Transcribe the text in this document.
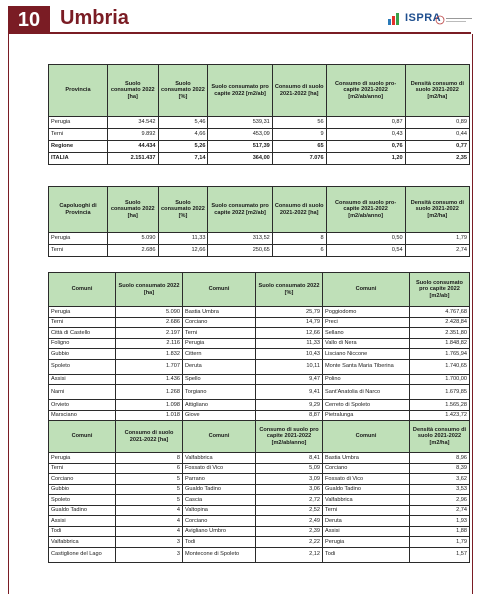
10 Umbria	ISPRA
Provincia	Suolo consumato 2022 [ha]	Suolo consumato 2022 [%]	Suolo consumato pro capite 2022 [m2/ab]	Consumo di suolo 2021-2022 [ha]	Consumo di suolo pro-capite 2021-2022 [m2/ab/anno]	Densità consumo di suolo 2021-2022 [m2/ha]
Perugia	34.542	5,46	539,31	56	0,87	0,89
Terni	9.892	4,66	453,09	9	0,43	0,44
Regione	44.434	5,26	517,39	65	0,76	0,77
ITALIA	2.151.437	7,14	364,00	7.076	1,20	2,35
Capoluoghi di Provincia	Suolo consumato 2022 [ha]	Suolo consumato 2022 [%]	Suolo consumato pro capite 2022 [m2/ab]	Consumo di suolo 2021-2022 [ha]	Consumo di suolo pro-capite 2021-2022 [m2/ab/anno]	Densità consumo di suolo 2021-2022 [m2/ha]
Perugia	5.090	11,33	313,52	8	0,50	1,79
Terni	2.686	12,66	250,65	6	0,54	2,74
Comuni	Suolo consumato 2022 [ha]	Comuni	Suolo consumato 2022 [%]	Comuni	Suolo consumato pro capite 2022 [m2/ab]
Perugia	5.090	Bastia Umbra	25,79	Poggiodomo	4.767,68
Terni	2.686	Corciano	14,79	Preci	2.428,84
Città di Castello	2.197	Terni	12,66	Sellano	2.351,80
Foligno	2.116	Perugia	11,33	Vallo di Nera	1.848,82
Gubbio	1.832	Cittern	10,43	Lisciano Niccone	1.765,94
Spoleto	1.707	Deruta	10,11	Monte Santa Maria Tiberina	1.740,65
Assisi	1.436	Spello	9,47	Polino	1.700,00
Narni	1.268	Torgiano	9,41	Sant'Anatolia di Narco	1.679,85
Orvieto	1.098	Attigliano	9,29	Cerreto di Spoleto	1.565,28
Marsciano	1.018	Giove	8,87	Pietralunga	1.423,72
Comuni	Consumo di suolo 2021-2022 [ha]	Comuni	Consumo di suolo pro capite 2021-2022 [m2/ab/anno]	Comuni	Densità consumo di suolo 2021-2022 [m2/ha]
Perugia	8	Valfabbrica	8,41	Bastia Umbra	8,96
Terni	6	Fossato di Vico	5,09	Corciano	8,39
Corciano	5	Parrano	3,09	Fossato di Vico	3,62
Gubbio	5	Gualdo Tadino	3,06	Gualdo Tadino	3,53
Spoleto	5	Cascia	2,72	Valfabbrica	2,96
Gualdo Tadino	4	Valtopina	2,52	Terni	2,74
Assisi	4	Corciano	2,49	Deruta	1,93
Todi	4	Avigliano Umbro	2,39	Assisi	1,88
Valfabbrica	3	Todi	2,22	Perugia	1,79
Castiglione del Lago	3	Montecone di Spoleto	2,12	Todi	1,57
